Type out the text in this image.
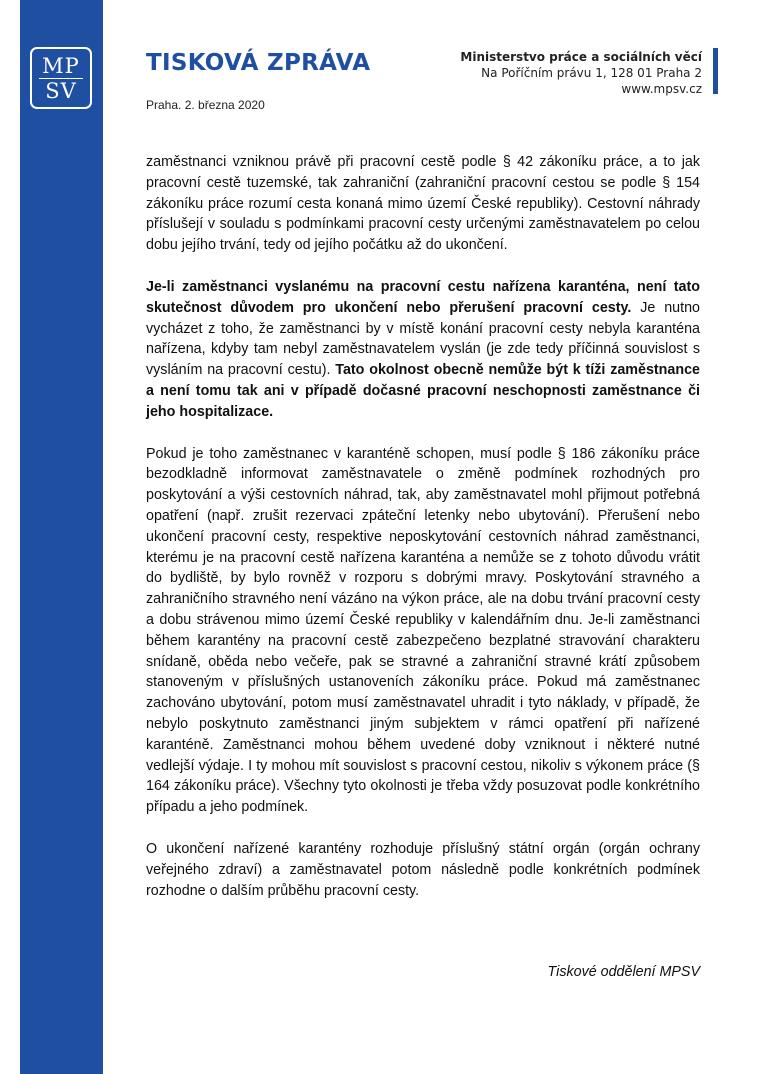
MP
SV
TISKOVÁ ZPRÁVA
Praha. 2. března 2020
Ministerstvo práce a sociálních věcí
Na Poříčním právu 1, 128 01 Praha 2
www.mpsv.cz

zaměstnanci vzniknou právě při pracovní cestě podle § 42 zákoníku práce, a to jak pracovní cestě tuzemské, tak zahraniční (zahraniční pracovní cestou se podle § 154 zákoníku práce rozumí cesta konaná mimo území České republiky). Cestovní náhrady příslušejí v souladu s podmínkami pracovní cesty určenými zaměstnavatelem po celou dobu jejího trvání, tedy od jejího počátku až do ukončení.

Je-li zaměstnanci vyslanému na pracovní cestu nařízena karanténa, není tato skutečnost důvodem pro ukončení nebo přerušení pracovní cesty. Je nutno vycházet z toho, že zaměstnanci by v místě konání pracovní cesty nebyla karanténa nařízena, kdyby tam nebyl zaměstnavatelem vyslán (je zde tedy příčinná souvislost s vysláním na pracovní cestu). Tato okolnost obecně nemůže být k tíži zaměstnance a není tomu tak ani v případě dočasné pracovní neschopnosti zaměstnance či jeho hospitalizace.

Pokud je toho zaměstnanec v karanténě schopen, musí podle § 186 zákoníku práce bezodkladně informovat zaměstnavatele o změně podmínek rozhodných pro poskytování a výši cestovních náhrad, tak, aby zaměstnavatel mohl přijmout potřebná opatření (např. zrušit rezervaci zpáteční letenky nebo ubytování). Přerušení nebo ukončení pracovní cesty, respektive neposkytování cestovních náhrad zaměstnanci, kterému je na pracovní cestě nařízena karanténa a nemůže se z tohoto důvodu vrátit do bydliště, by bylo rovněž v rozporu s dobrými mravy. Poskytování stravného a zahraničního stravného není vázáno na výkon práce, ale na dobu trvání pracovní cesty a dobu strávenou mimo území České republiky v kalendářním dnu. Je-li zaměstnanci během karantény na pracovní cestě zabezpečeno bezplatné stravování charakteru snídaně, oběda nebo večeře, pak se stravné a zahraniční stravné krátí způsobem stanoveným v příslušných ustanoveních zákoníku práce. Pokud má zaměstnanec zachováno ubytování, potom musí zaměstnavatel uhradit i tyto náklady, v případě, že nebylo poskytnuto zaměstnanci jiným subjektem v rámci opatření při nařízené karanténě. Zaměstnanci mohou během uvedené doby vzniknout i některé nutné vedlejší výdaje. I ty mohou mít souvislost s pracovní cestou, nikoliv s výkonem práce (§ 164 zákoníku práce). Všechny tyto okolnosti je třeba vždy posuzovat podle konkrétního případu a jeho podmínek.

O ukončení nařízené karantény rozhoduje příslušný státní orgán (orgán ochrany veřejného zdraví) a zaměstnavatel potom následně podle konkrétních podmínek rozhodne o dalším průběhu pracovní cesty.

Tiskové oddělení MPSV
